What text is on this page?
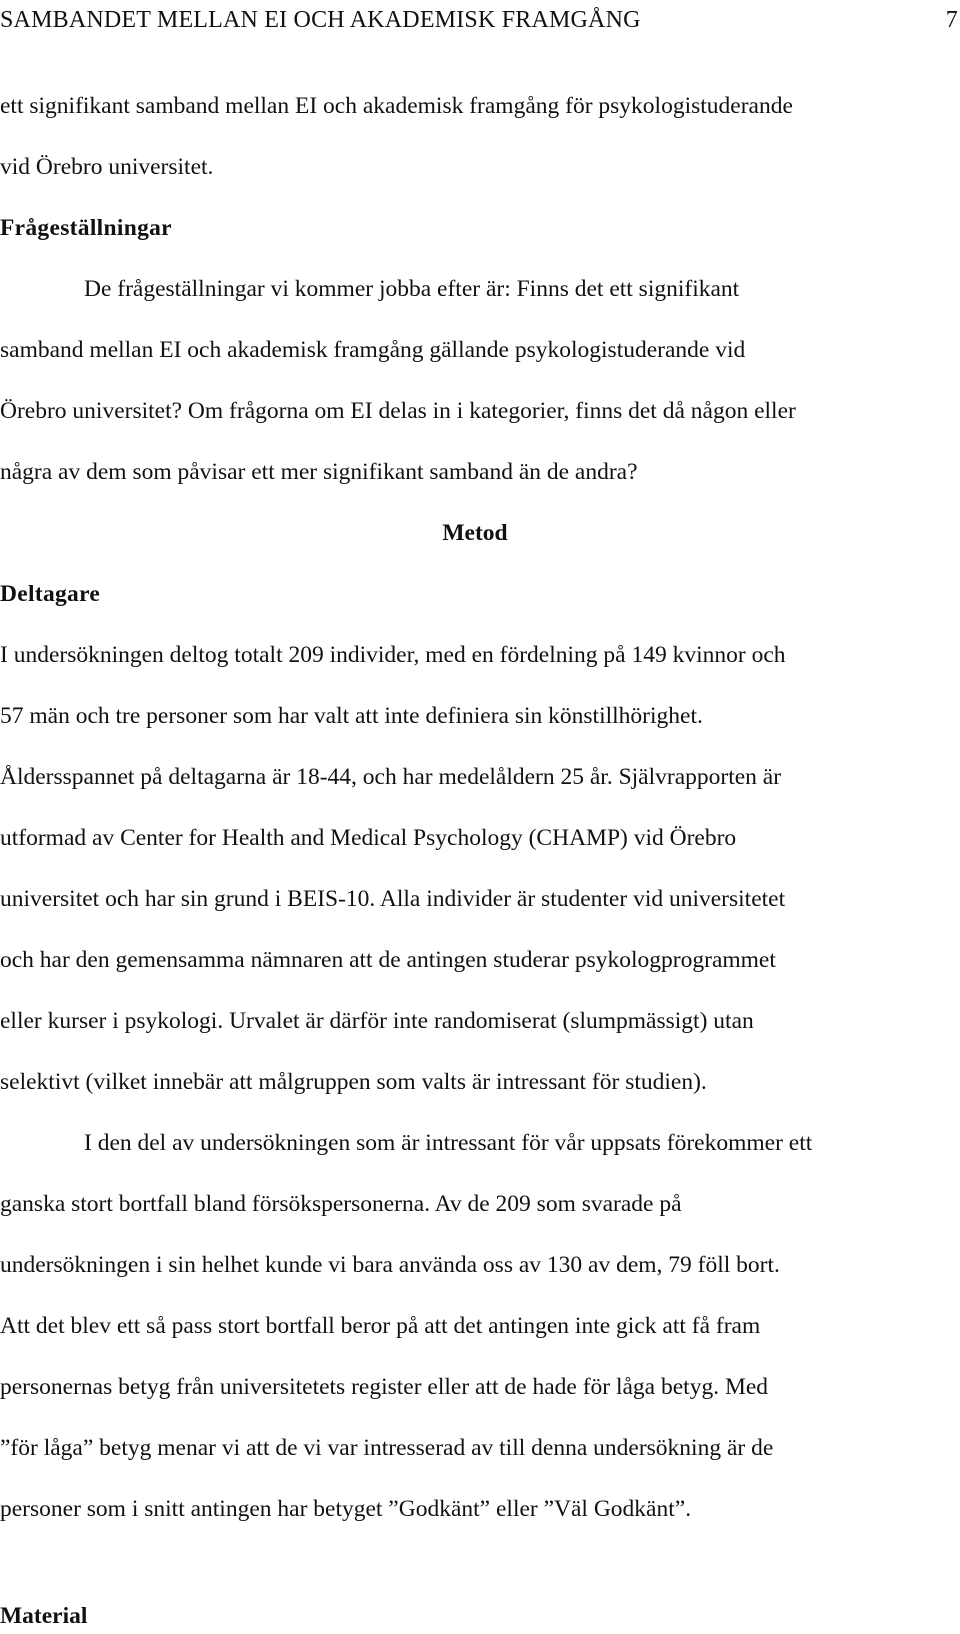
SAMBANDET MELLAN EI OCH AKADEMISK FRAMGÅNG	7
ett signifikant samband mellan EI och akademisk framgång för psykologistuderande
vid Örebro universitet.
Frågeställningar
De frågeställningar vi kommer jobba efter är: Finns det ett signifikant
samband mellan EI och akademisk framgång gällande psykologistuderande vid
Örebro universitet? Om frågorna om EI delas in i kategorier, finns det då någon eller
några av dem som påvisar ett mer signifikant samband än de andra?
Metod
Deltagare
I undersökningen deltog totalt 209 individer, med en fördelning på 149 kvinnor och
57 män och tre personer som har valt att inte definiera sin könstillhörighet.
Åldersspannet på deltagarna är 18-44, och har medelåldern 25 år. Självrapporten är
utformad av Center for Health and Medical Psychology (CHAMP) vid Örebro
universitet och har sin grund i BEIS-10. Alla individer är studenter vid universitetet
och har den gemensamma nämnaren att de antingen studerar psykologprogrammet
eller kurser i psykologi. Urvalet är därför inte randomiserat (slumpmässigt) utan
selektivt (vilket innebär att målgruppen som valts är intressant för studien).
I den del av undersökningen som är intressant för vår uppsats förekommer ett
ganska stort bortfall bland försökspersonerna. Av de 209 som svarade på
undersökningen i sin helhet kunde vi bara använda oss av 130 av dem, 79 föll bort.
Att det blev ett så pass stort bortfall beror på att det antingen inte gick att få fram
personernas betyg från universitetets register eller att de hade för låga betyg. Med
”för låga” betyg menar vi att de vi var intresserad av till denna undersökning är de
personer som i snitt antingen har betyget ”Godkänt” eller ”Väl Godkänt”.
Material
